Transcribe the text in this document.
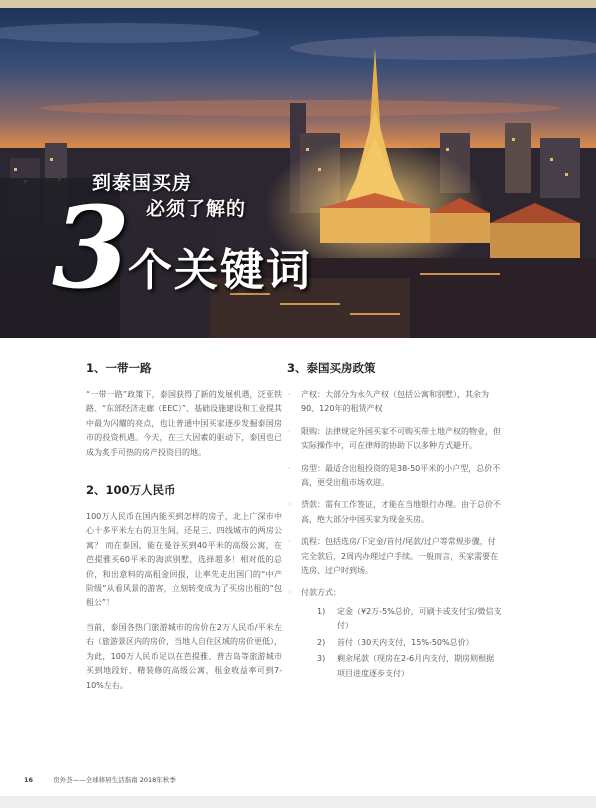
到泰国买房
必须了解的
3
个关键词
1、一带一路

“一带一路”政策下，泰国获得了新的发展机遇，泛亚铁路、“东部经济走廊（EEC）”、基础设施建设和工业提其中最为闪耀的亮点，也让普通中国买家逐步发掘泰国房市的投资机遇。今天，在三大因素的驱动下，泰国也已成为炙手可热的房产投资目的地。

2、100万人民币

100万人民币在国内能买到怎样的房子，北上广深市中心十多平米左右的卫生间，还是三、四线城市的两房公寓？ 而在泰国，能在曼谷买到40平米的高级公寓，在芭提雅买60平米的海滨别墅，选择超多！相对低的总价，和出意料的高租金回报，让率先走出国门的“中产阶级”从看风景的游客，立刻转变成为了买房出租的“包租公”！

当前，泰国各热门旅游城市的房价在2万人民币/平米左右（旅游景区内的房价，当地人自住区域的房价更低），为此，100万人民币足以在芭提雅、普吉岛等旅游城市买到地段好、精装修的高级公寓，租金收益率可到7-10%左右。

3、泰国买房政策
· 产权：大部分为永久产权（包括公寓和别墅），其余为90、120年的租赁产权
· 限购：法律规定外国买家不可购买带土地产权的物业，但实际操作中，可在律师的协助下以多种方式避开。
· 房型：最适合出租投资的是38-50平米的小户型，总价不高，更受出租市场欢迎。
· 贷款：需有工作签证，才能在当地银行办理。由于总价不高，绝大部分中国买家为现金买房。
· 流程：包括选房/下定金/首付/尾款/过户等常规步骤，付完全款后，2周内办理过户手续。一般而言，买家需要在选房、过户时到场。
· 付款方式：
1) 定金（¥2万-5%总价，可刷卡或支付宝/微信支付）
2) 首付（30天内支付，15%-50%总价）
3) 剩余尾款（现房在2-6月内支付，期房则根据项目进度逐步支付）
16	房外荟——全球移居生活指南 2018年秋季
